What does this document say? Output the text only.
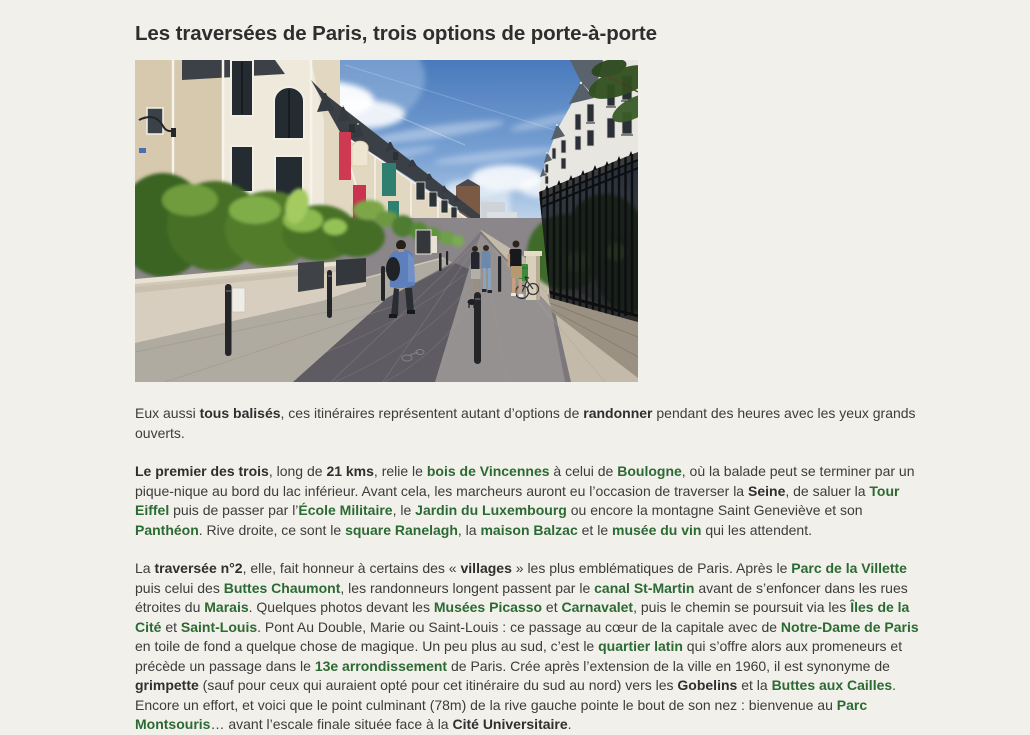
Les traversées de Paris, trois options de porte-à-porte

Eux aussi tous balisés, ces itinéraires représentent autant d’options de randonner pendant des heures avec les yeux grands ouverts.

Le premier des trois, long de 21 kms, relie le bois de Vincennes à celui de Boulogne, où la balade peut se terminer par un pique-nique au bord du lac inférieur. Avant cela, les marcheurs auront eu l’occasion de traverser la Seine, de saluer la Tour Eiffel puis de passer par l’École Militaire, le Jardin du Luxembourg ou encore la montagne Saint Geneviève et son Panthéon. Rive droite, ce sont le square Ranelagh, la maison Balzac et le musée du vin qui les attendent.

La traversée n°2, elle, fait honneur à certains des « villages » les plus emblématiques de Paris. Après le Parc de la Villette puis celui des Buttes Chaumont, les randonneurs longent passent par le canal St-Martin avant de s’enfoncer dans les rues étroites du Marais. Quelques photos devant les Musées Picasso et Carnavalet, puis le chemin se poursuit via les Îles de la Cité et Saint-Louis. Pont Au Double, Marie ou Saint-Louis : ce passage au cœur de la capitale avec de Notre-Dame de Paris en toile de fond a quelque chose de magique. Un peu plus au sud, c’est le quartier latin qui s’offre alors aux promeneurs et précède un passage dans le 13e arrondissement de Paris. Crée après l’extension de la ville en 1960, il est synonyme de grimpette (sauf pour ceux qui auraient opté pour cet itinéraire du sud au nord) vers les Gobelins et la Buttes aux Cailles. Encore un effort, et voici que le point culminant (78m) de la rive gauche pointe le bout de son nez : bienvenue au Parc Montsouris… avant l’escale finale située face à la Cité Universitaire.
